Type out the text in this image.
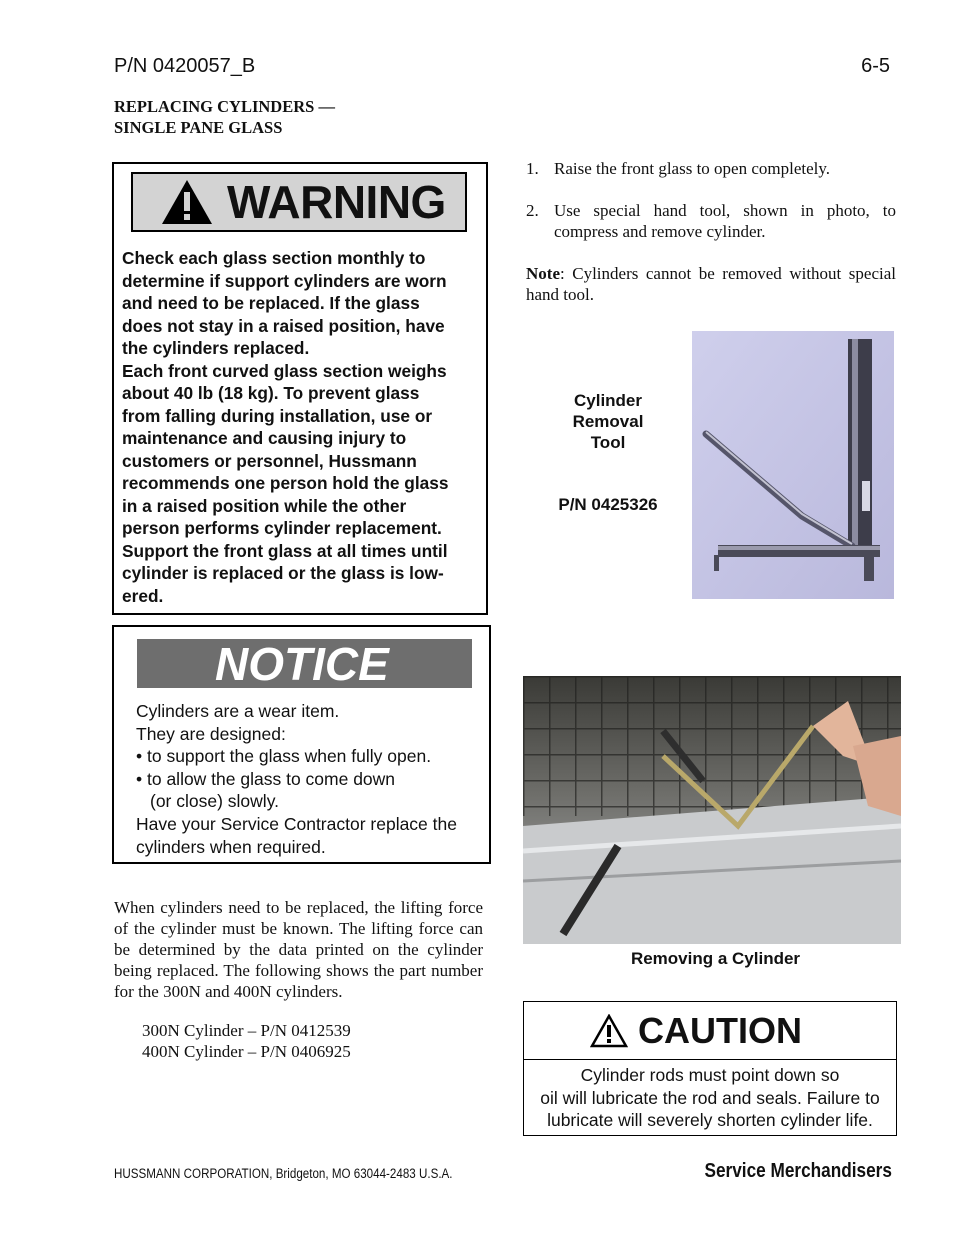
P/N 0420057_B	6-5
REPLACING CYLINDERS —
SINGLE PANE GLASS
WARNING
Check each glass section monthly to
determine if support cylinders are worn
and need to be replaced. If the glass
does not stay in a raised position, have
the cylinders replaced.
Each front curved glass section weighs
about 40 lb (18 kg). To prevent glass
from falling during installation, use or
maintenance and causing injury to
customers or personnel, Hussmann
recommends one person hold the glass
in a raised position while the other
person performs cylinder replacement.
Support the front glass at all times until
cylinder is replaced or the glass is low-
ered.
NOTICE
Cylinders are a wear item.
They are designed:
• to support the glass when fully open.
• to allow the glass to come down
(or close) slowly.
Have your Service Contractor replace the
cylinders when required.
When cylinders need to be replaced, the lifting force of the cylinder must be known. The lifting force can be determined by the data printed on the cylinder being replaced. The following shows the part number for the 300N and 400N cylinders.
300N Cylinder – P/N 0412539
400N Cylinder – P/N 0406925
1. Raise the front glass to open completely.
2. Use special hand tool, shown in photo, to compress and remove cylinder.
Note: Cylinders cannot be removed without special hand tool.
Cylinder
Removal
Tool
P/N 0425326
Removing a Cylinder
CAUTION
Cylinder rods must point down so
oil will lubricate the rod and seals. Failure to
lubricate will severely shorten cylinder life.
HUSSMANN CORPORATION, Bridgeton, MO 63044-2483 U.S.A.	Service Merchandisers
